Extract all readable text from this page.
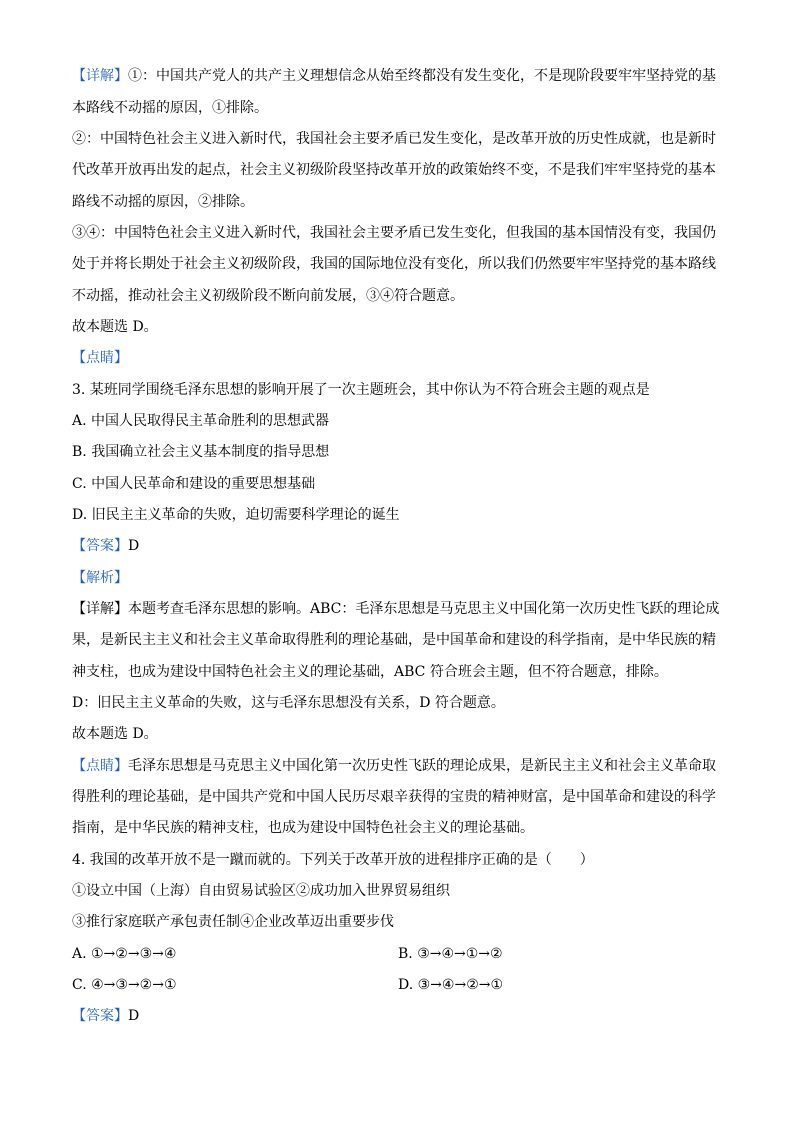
【详解】①：中国共产党人的共产主义理想信念从始至终都没有发生变化，不是现阶段要牢牢坚持党的基
本路线不动摇的原因，①排除。
②：中国特色社会主义进入新时代，我国社会主要矛盾已发生变化，是改革开放的历史性成就，也是新时
代改革开放再出发的起点，社会主义初级阶段坚持改革开放的政策始终不变，不是我们牢牢坚持党的基本
路线不动摇的原因，②排除。
③④：中国特色社会主义进入新时代，我国社会主要矛盾已发生变化，但我国的基本国情没有变，我国仍
处于并将长期处于社会主义初级阶段，我国的国际地位没有变化，所以我们仍然要牢牢坚持党的基本路线
不动摇，推动社会主义初级阶段不断向前发展，③④符合题意。
故本题选 D。
【点睛】
3. 某班同学围绕毛泽东思想的影响开展了一次主题班会，其中你认为不符合班会主题的观点是
A. 中国人民取得民主革命胜利的思想武器
B. 我国确立社会主义基本制度的指导思想
C. 中国人民革命和建设的重要思想基础
D. 旧民主主义革命的失败，迫切需要科学理论的诞生
【答案】D
【解析】
【详解】本题考查毛泽东思想的影响。ABC：毛泽东思想是马克思主义中国化第一次历史性飞跃的理论成
果，是新民主主义和社会主义革命取得胜利的理论基础，是中国革命和建设的科学指南，是中华民族的精
神支柱，也成为建设中国特色社会主义的理论基础，ABC 符合班会主题，但不符合题意，排除。
D：旧民主主义革命的失败，这与毛泽东思想没有关系，D 符合题意。
故本题选 D。
【点睛】毛泽东思想是马克思主义中国化第一次历史性飞跃的理论成果，是新民主主义和社会主义革命取
得胜利的理论基础，是中国共产党和中国人民历尽艰辛获得的宝贵的精神财富，是中国革命和建设的科学
指南，是中华民族的精神支柱，也成为建设中国特色社会主义的理论基础。
4. 我国的改革开放不是一蹴而就的。下列关于改革开放的进程排序正确的是（　　）
①设立中国（上海）自由贸易试验区②成功加入世界贸易组织
③推行家庭联产承包责任制④企业改革迈出重要步伐
A. ①→②→③→④	B. ③→④→①→②
C. ④→③→②→①	D. ③→④→②→①
【答案】D
